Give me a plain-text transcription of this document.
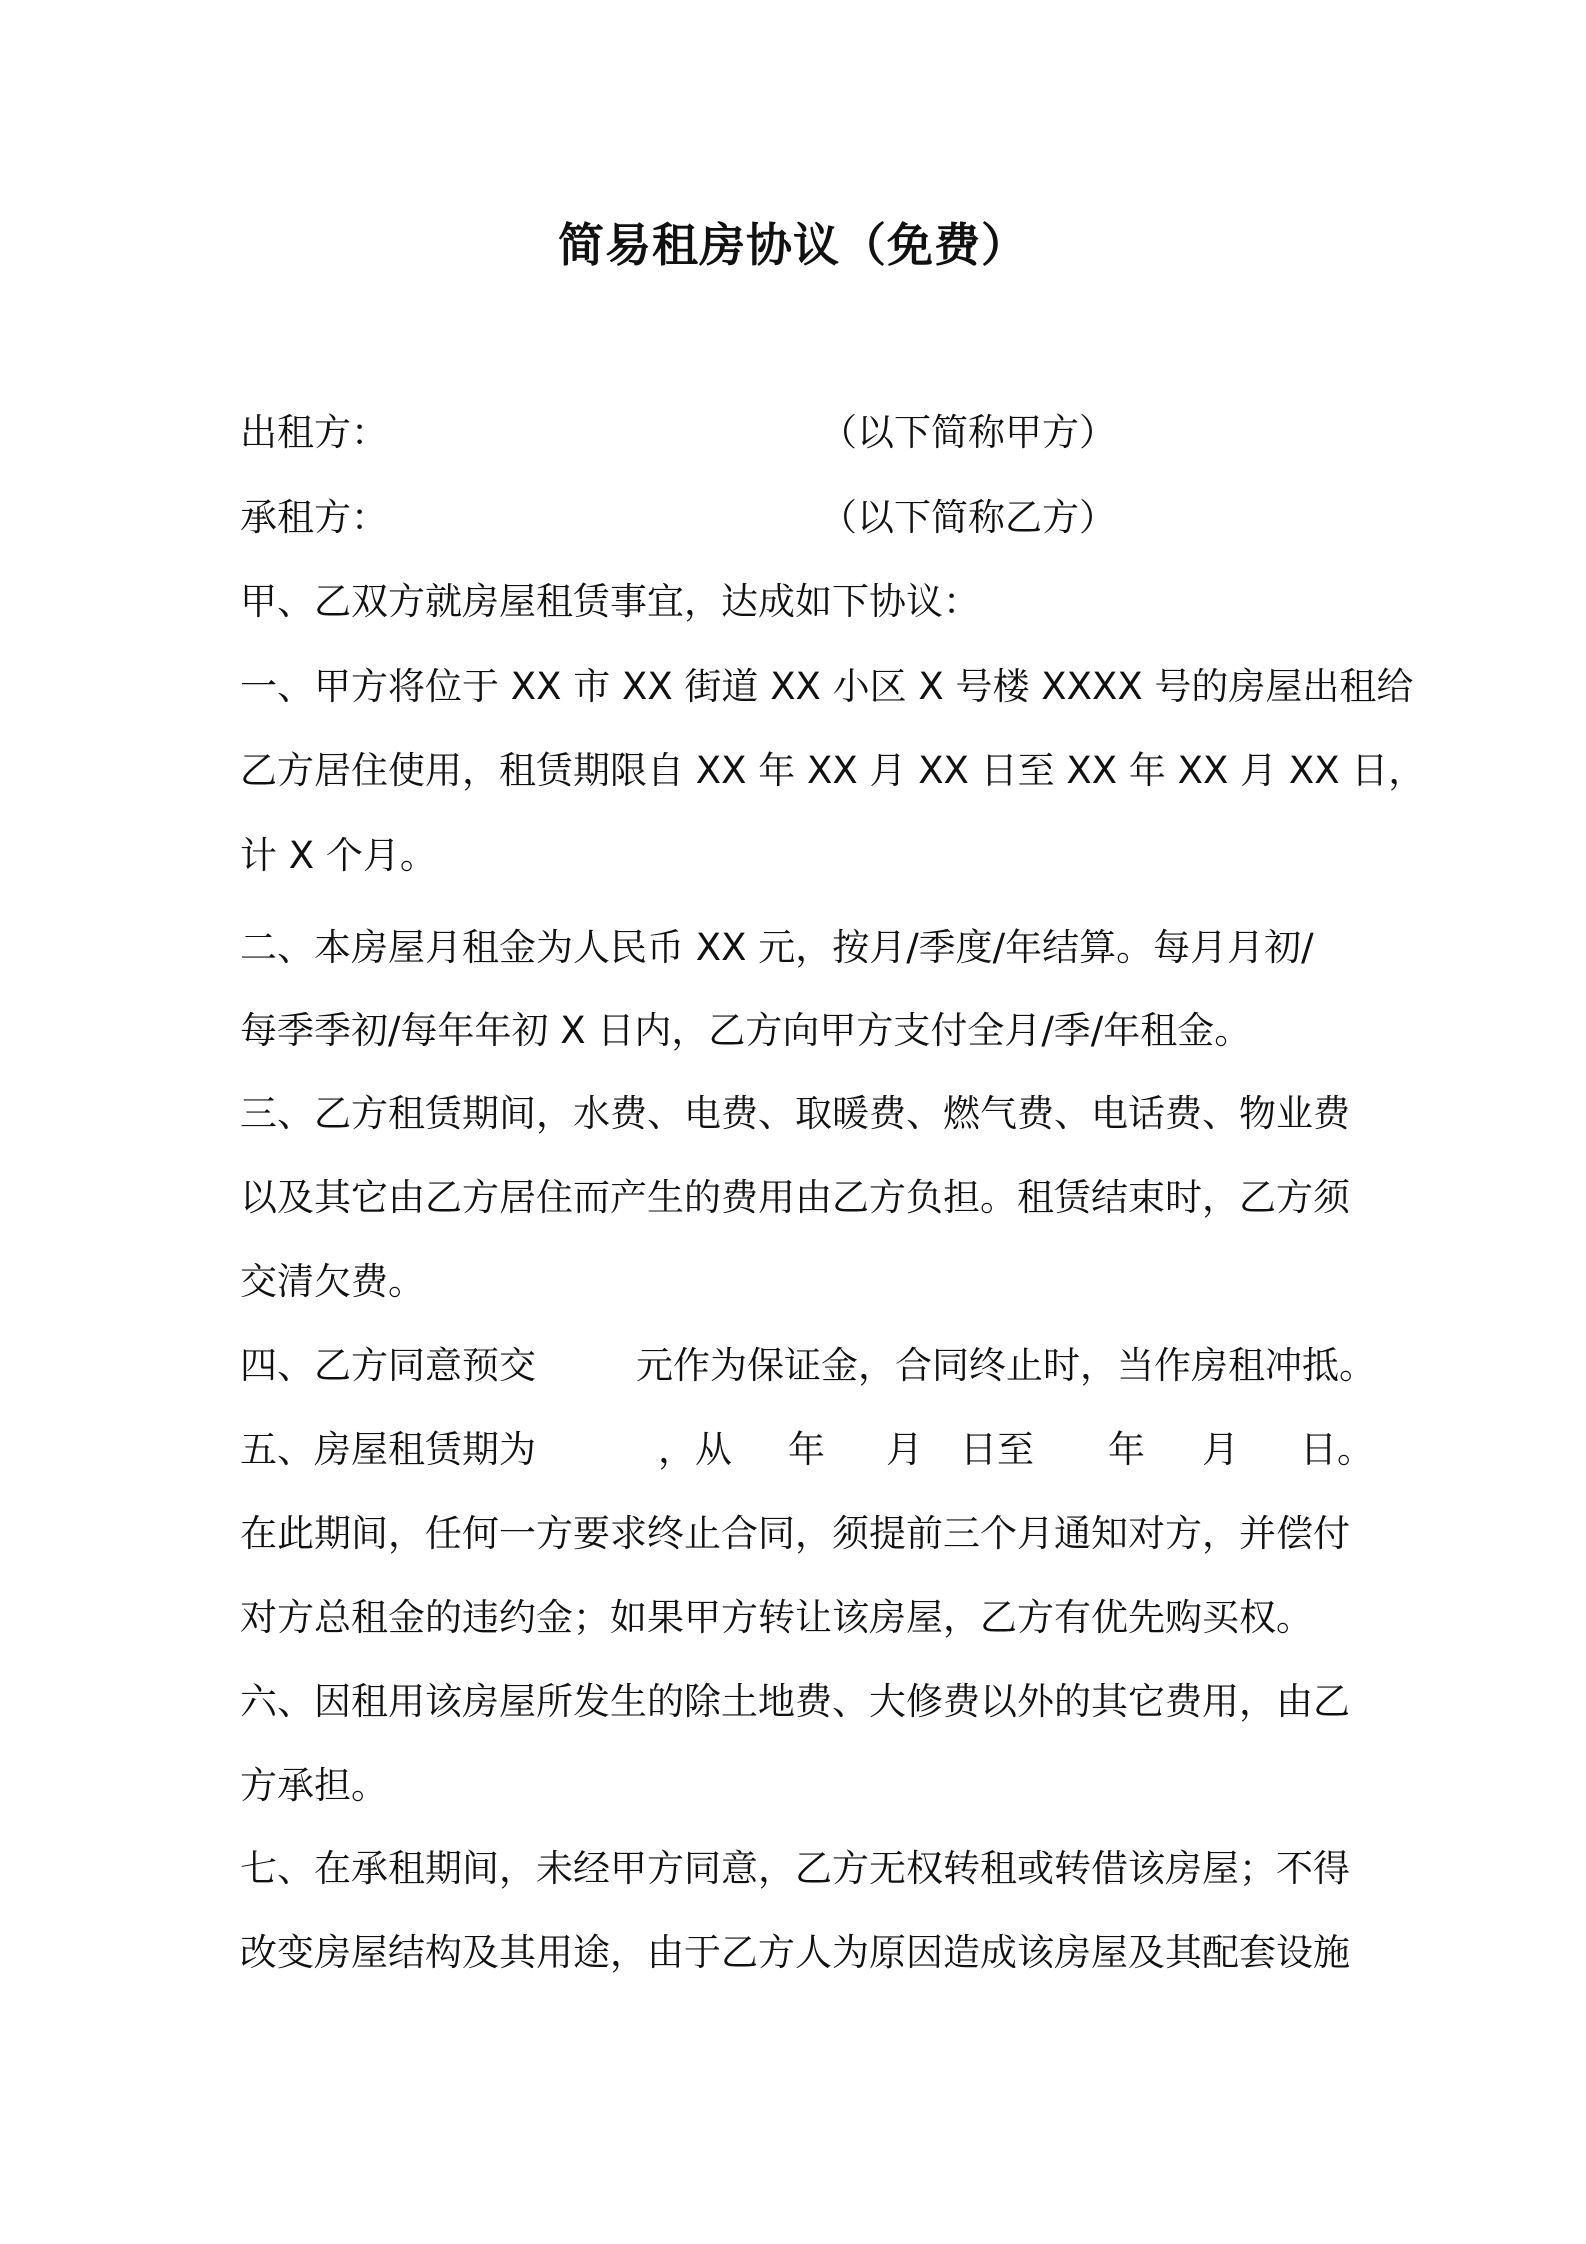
简易租房协议（免费）
出租方：	（以下简称甲方）
承租方：	（以下简称乙方）
甲、乙双方就房屋租赁事宜，达成如下协议：
一、甲方将位于 XX 市 XX 街道 XX 小区 X 号楼 XXXX 号的房屋出租给
乙方居住使用，租赁期限自 XX 年 XX 月 XX 日至 XX 年 XX 月 XX 日，
计 X 个月。
二、本房屋月租金为人民币 XX 元，按月/季度/年结算。每月月初/
每季季初/每年年初 X 日内，乙方向甲方支付全月/季/年租金。
三、乙方租赁期间，水费、电费、取暖费、燃气费、电话费、物业费
以及其它由乙方居住而产生的费用由乙方负担。租赁结束时，乙方须
交清欠费。
四、乙方同意预交	元作为保证金，合同终止时，当作房租冲抵。
五、房屋租赁期为	，从 年 月 日至 年 月 日。
在此期间，任何一方要求终止合同，须提前三个月通知对方，并偿付
对方总租金的违约金；如果甲方转让该房屋，乙方有优先购买权。
六、因租用该房屋所发生的除土地费、大修费以外的其它费用，由乙
方承担。
七、在承租期间，未经甲方同意，乙方无权转租或转借该房屋；不得
改变房屋结构及其用途，由于乙方人为原因造成该房屋及其配套设施
